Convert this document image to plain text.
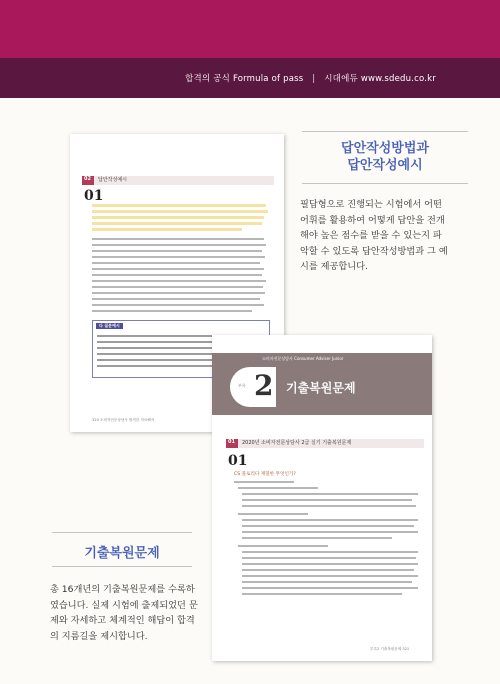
합격의 공식 Formula of pass | 시대에듀 www.sdedu.co.kr
02 답안작성예시
01
다 질문예시
320 소비자전문상담사 합격한 자료해석
소비자전문상담사 Consumer Adviser Junior
부록 2 기출복원문제
01 2020년 소비자전문상담사 2급 실기 기출복원문제
01
CS 플로리다 재밀한 무엇인가?
부록2 기출복원문제 321
답안작성방법과
답안작성예시
필답형으로 진행되는 시험에서 어떤
어휘를 활용하여 어떻게 답안을 전개
해야 높은 점수를 받을 수 있는지 파
악할 수 있도록 답안작성방법과 그 예
시를 제공합니다.
기출복원문제
총 16개년의 기출복원문제를 수록하
였습니다. 실제 시험에 출제되었던 문
제와 자세하고 체계적인 해답이 합격
의 지름길을 제시합니다.
